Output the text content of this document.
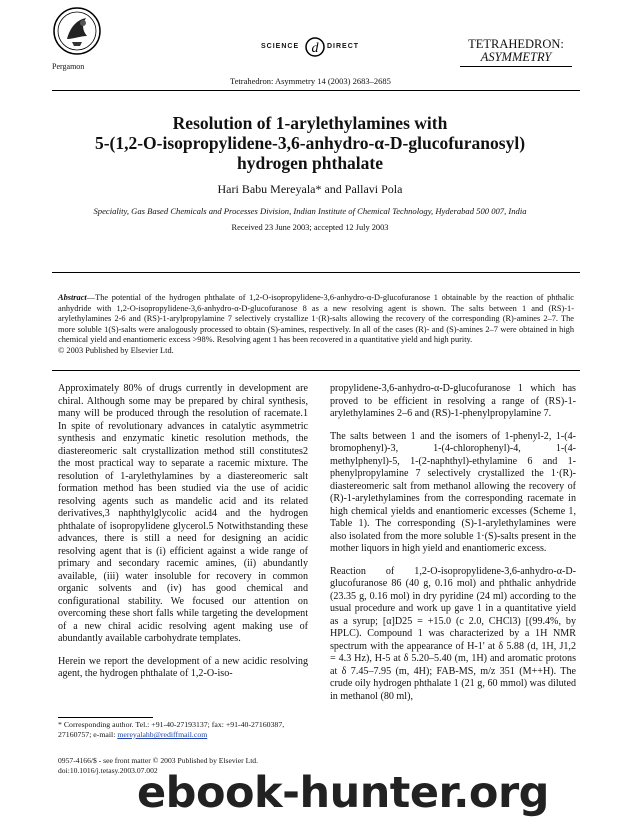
Pergamon
d
SCIENCE	DIRECT	TETRAHEDRON:
ASYMMETRY
Tetrahedron: Asymmetry 14 (2003) 2683–2685
Resolution of 1-arylethylamines with
5-(1,2-O-isopropylidene-3,6-anhydro-α-D-glucofuranosyl)
hydrogen phthalate
Hari Babu Mereyala* and Pallavi Pola
Speciality, Gas Based Chemicals and Processes Division, Indian Institute of Chemical Technology, Hyderabad 500 007, India
Received 23 June 2003; accepted 12 July 2003
Abstract—The potential of the hydrogen phthalate of 1,2-O-isopropylidene-3,6-anhydro-α-D-glucofuranose 1 obtainable by the reaction of phthalic anhydride with 1,2-O-isopropylidene-3,6-anhydro-α-D-glucofuranose 8 as a new resolving agent is shown. The salts between 1 and (RS)-1-arylethylamines 2-6 and (RS)-1-arylpropylamine 7 selectively crystallize 1·(R)-salts allowing the recovery of the corresponding (R)-amines 2–7. The more soluble 1(S)-salts were analogously processed to obtain (S)-amines, respectively. In all of the cases (R)- and (S)-amines 2–7 were obtained in high chemical yield and enantiomeric excess >98%. Resolving agent 1 has been recovered in a quantitative yield and high purity.
© 2003 Published by Elsevier Ltd.

Approximately 80% of drugs currently in development are chiral. Although some may be prepared by chiral synthesis, many will be produced through the resolution of racemate.1 In spite of revolutionary advances in catalytic asymmetric synthesis and enzymatic kinetic resolution methods, the diastereomeric salt crystallization method still constitutes2 the most practical way to separate a racemic mixture. The resolution of 1-arylethylamines by a diastereomeric salt formation method has been studied via the use of acidic resolving agents such as mandelic acid and its related derivatives,3 naphthylglycolic acid4 and the hydrogen phthalate of isopropylidene glycerol.5 Notwithstanding these advances, there is still a need for designing an acidic resolving agent that is (i) efficient against a wide range of primary and secondary racemic amines, (ii) abundantly available, (iii) water insoluble for recovery in common organic solvents and (iv) has good chemical and configurational stability. We focused our attention on overcoming these short falls while targeting the development of a new chiral acidic resolving agent making use of abundantly available carbohydrate templates.

Herein we report the development of a new acidic resolving agent, the hydrogen phthalate of 1,2-O-iso-

propylidene-3,6-anhydro-α-D-glucofuranose 1 which has proved to be efficient in resolving a range of (RS)-1-arylethylamines 2–6 and (RS)-1-phenylpropylamine 7.

The salts between 1 and the isomers of 1-phenyl-2, 1-(4-bromophenyl)-3, 1-(4-chlorophenyl)-4, 1-(4-methylphenyl)-5, 1-(2-naphthyl)-ethylamine 6 and 1-phenylpropylamine 7 selectively crystallized the 1·(R)-diastereomeric salt from methanol allowing the recovery of (R)-1-arylethylamines from the corresponding racemate in high chemical yields and enantiomeric excesses (Scheme 1, Table 1). The corresponding (S)-1-arylethylamines were also isolated from the more soluble 1·(S)-salts present in the mother liquors in high yield and enantiomeric excess.

Reaction of 1,2-O-isopropylidene-3,6-anhydro-α-D-glucofuranose 86 (40 g, 0.16 mol) and phthalic anhydride (23.35 g, 0.16 mol) in dry pyridine (24 ml) according to the usual procedure and work up gave 1 in a quantitative yield as a syrup; [α]D25 = +15.0 (c 2.0, CHCl3) [(99.4%, by HPLC). Compound 1 was characterized by a 1H NMR spectrum with the appearance of H-1' at δ 5.88 (d, 1H, J1,2 = 4.3 Hz), H-5 at δ 5.20–5.40 (m, 1H) and aromatic protons at δ 7.45–7.95 (m, 4H); FAB-MS, m/z 351 (M++H). The crude oily hydrogen phthalate 1 (21 g, 60 mmol) was diluted in methanol (80 ml),

* Corresponding author. Tel.: +91-40-27193137; fax: +91-40-27160387, 27160757; e-mail: mereyalahb@rediffmail.com
0957-4166/$ - see front matter © 2003 Published by Elsevier Ltd.
doi:10.1016/j.tetasy.2003.07.002
ebook-hunter.org
